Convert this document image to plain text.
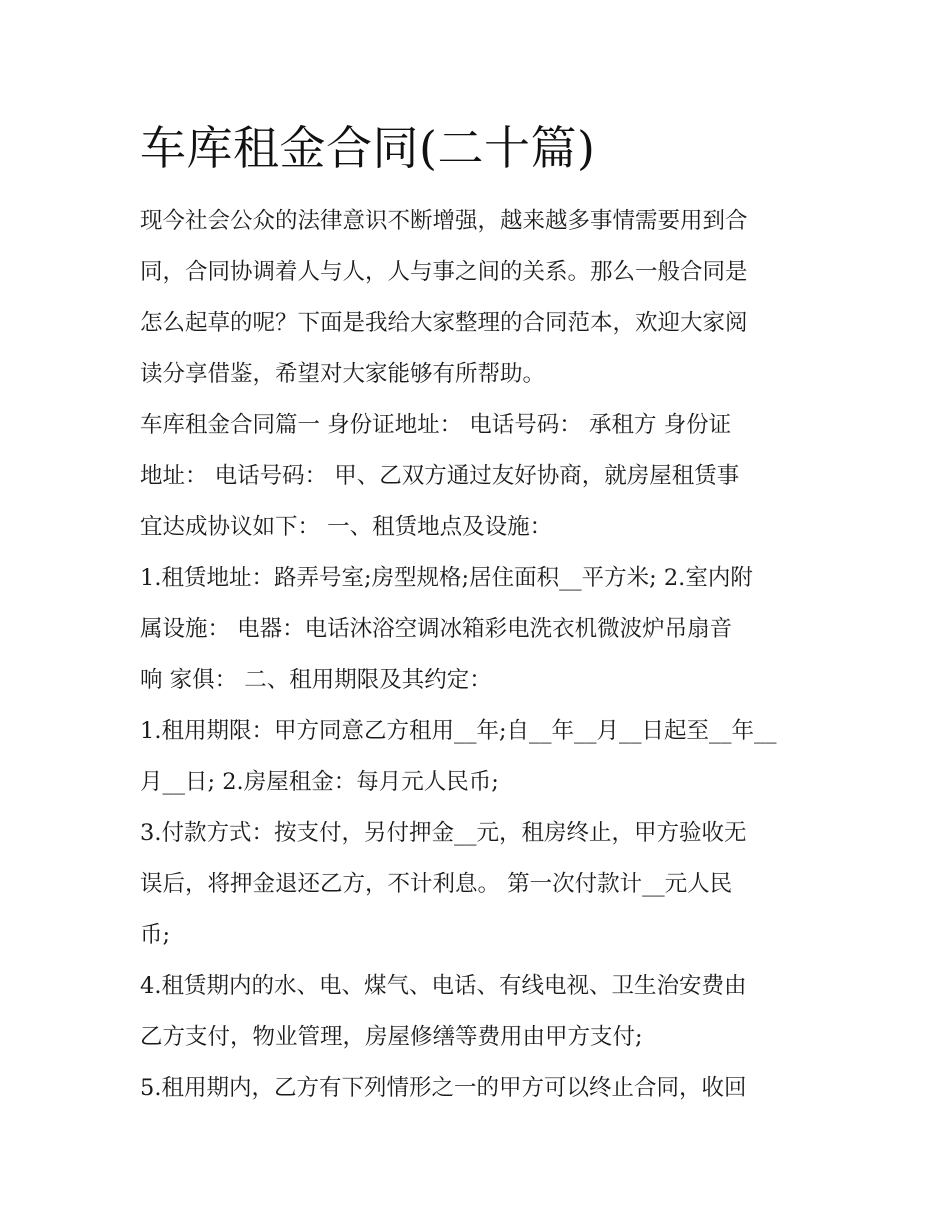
车库租金合同(二十篇)

现今社会公众的法律意识不断增强，越来越多事情需要用到合

同，合同协调着人与人，人与事之间的关系。那么一般合同是

怎么起草的呢？下面是我给大家整理的合同范本，欢迎大家阅

读分享借鉴，希望对大家能够有所帮助。

车库租金合同篇一 身份证地址： 电话号码： 承租方 身份证

地址： 电话号码： 甲、乙双方通过友好协商，就房屋租赁事

宜达成协议如下： 一、租赁地点及设施：

1.租赁地址：路弄号室;房型规格;居住面积__平方米; 2.室内附

属设施： 电器：电话沐浴空调冰箱彩电洗衣机微波炉吊扇音

响 家俱： 二、租用期限及其约定：

1.租用期限：甲方同意乙方租用__年;自__年__月__日起至__年__

月__日; 2.房屋租金：每月元人民币;

3.付款方式：按支付，另付押金__元，租房终止，甲方验收无

误后，将押金退还乙方，不计利息。 第一次付款计__元人民

币;

4.租赁期内的水、电、煤气、电话、有线电视、卫生治安费由

乙方支付，物业管理，房屋修缮等费用由甲方支付;

5.租用期内，乙方有下列情形之一的甲方可以终止合同，收回
